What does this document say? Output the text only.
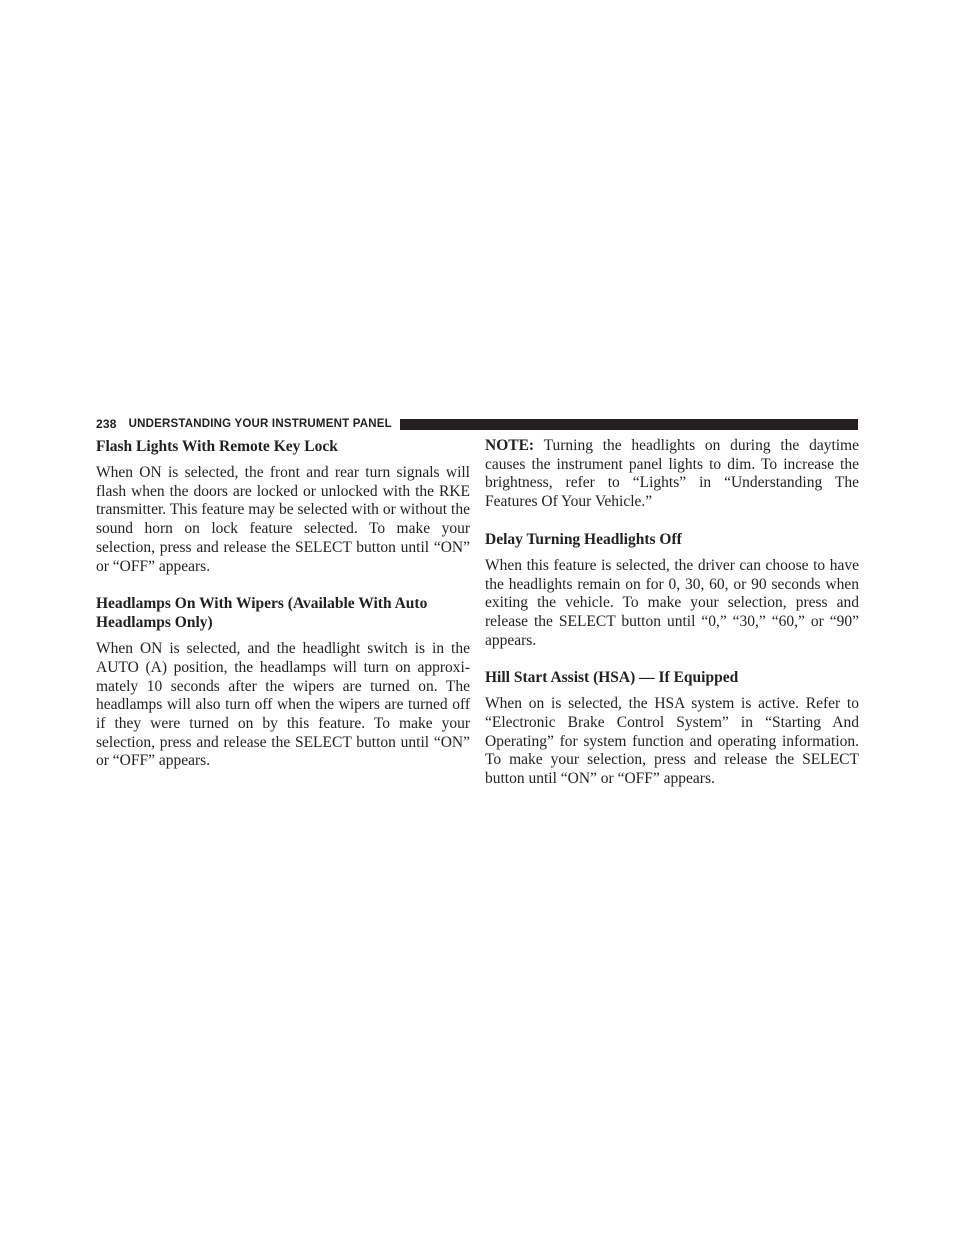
238 UNDERSTANDING YOUR INSTRUMENT PANEL
Flash Lights With Remote Key Lock

When ON is selected, the front and rear turn signals will flash when the doors are locked or unlocked with the RKE transmitter. This feature may be selected with or without the sound horn on lock feature selected. To make your selection, press and release the SELECT button until “ON” or “OFF” appears.

Headlamps On With Wipers (Available With Auto Headlamps Only)

When ON is selected, and the headlight switch is in the AUTO (A) position, the headlamps will turn on approximately 10 seconds after the wipers are turned on. The headlamps will also turn off when the wipers are turned off if they were turned on by this feature. To make your selection, press and release the SELECT button until “ON” or “OFF” appears.

NOTE: Turning the headlights on during the daytime causes the instrument panel lights to dim. To increase the brightness, refer to “Lights” in “Understanding The Features Of Your Vehicle.”

Delay Turning Headlights Off

When this feature is selected, the driver can choose to have the headlights remain on for 0, 30, 60, or 90 seconds when exiting the vehicle. To make your selection, press and release the SELECT button until “0,” “30,” “60,” or “90” appears.

Hill Start Assist (HSA) — If Equipped

When on is selected, the HSA system is active. Refer to “Electronic Brake Control System” in “Starting And Operating” for system function and operating information. To make your selection, press and release the SELECT button until “ON” or “OFF” appears.
